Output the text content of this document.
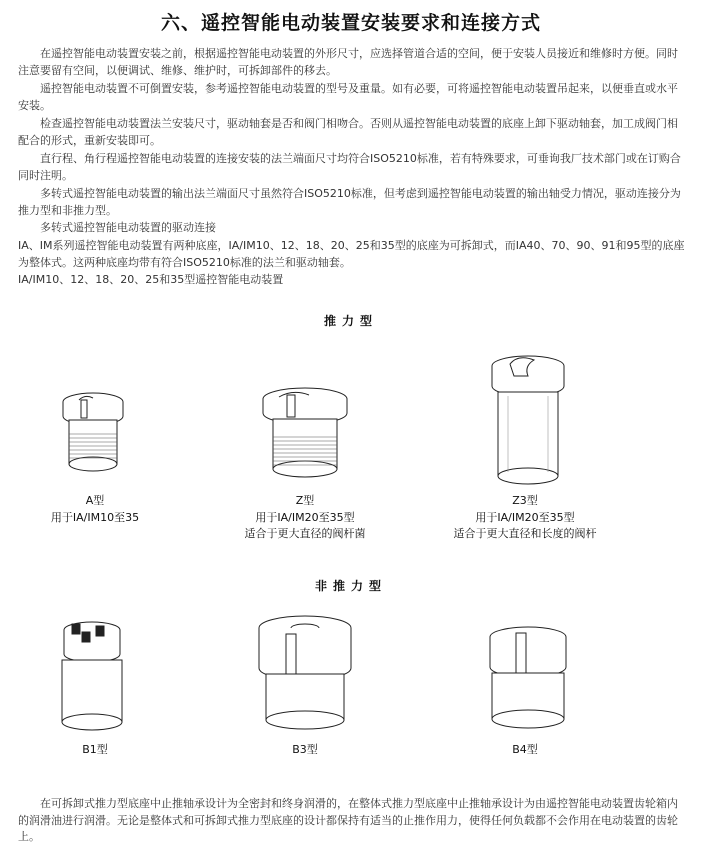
六、遥控智能电动装置安装要求和连接方式
在遥控智能电动装置安装之前，根据遥控智能电动装置的外形尺寸，应选择管道合适的空间，便于安装人员接近和维修时方便。同时注意要留有空间，以便调试、维修、维护时，可拆卸部件的移去。
遥控智能电动装置不可倒置安装，参考遥控智能电动装置的型号及重量。如有必要，可将遥控智能电动装置吊起来，以便垂直或水平安装。
检查遥控智能电动装置法兰安装尺寸，驱动轴套是否和阀门相吻合。否则从遥控智能电动装置的底座上卸下驱动轴套，加工成阀门相配合的形式，重新安装即可。
直行程、角行程遥控智能电动装置的连接安装的法兰端面尺寸均符合ISO5210标准，若有特殊要求，可垂询我厂技术部门或在订购合同时注明。
多转式遥控智能电动装置的输出法兰端面尺寸虽然符合ISO5210标准，但考虑到遥控智能电动装置的输出轴受力情况，驱动连接分为推力型和非推力型。
多转式遥控智能电动装置的驱动连接
IA、IM系列遥控智能电动装置有两种底座，IA/IM10、12、18、20、25和35型的底座为可拆卸式，而IA40、70、90、91和95型的底座为整体式。这两种底座均带有符合ISO5210标准的法兰和驱动轴套。
IA/IM10、12、18、20、25和35型遥控智能电动装置
推力型
A型
用于IA/IM10至35
Z型
用于IA/IM20至35型
适合于更大直径的阀杆菌
Z3型
用于IA/IM20至35型
适合于更大直径和长度的阀杆
非推力型
B1型	B3型	B4型
在可拆卸式推力型底座中止推轴承设计为全密封和终身润滑的，在整体式推力型底座中止推轴承设计为由遥控智能电动装置齿轮箱内的润滑油进行润滑。无论是整体式和可拆卸式推力型底座的设计都保持有适当的止推作用力，使得任何负载都不会作用在电动装置的齿轮上。
